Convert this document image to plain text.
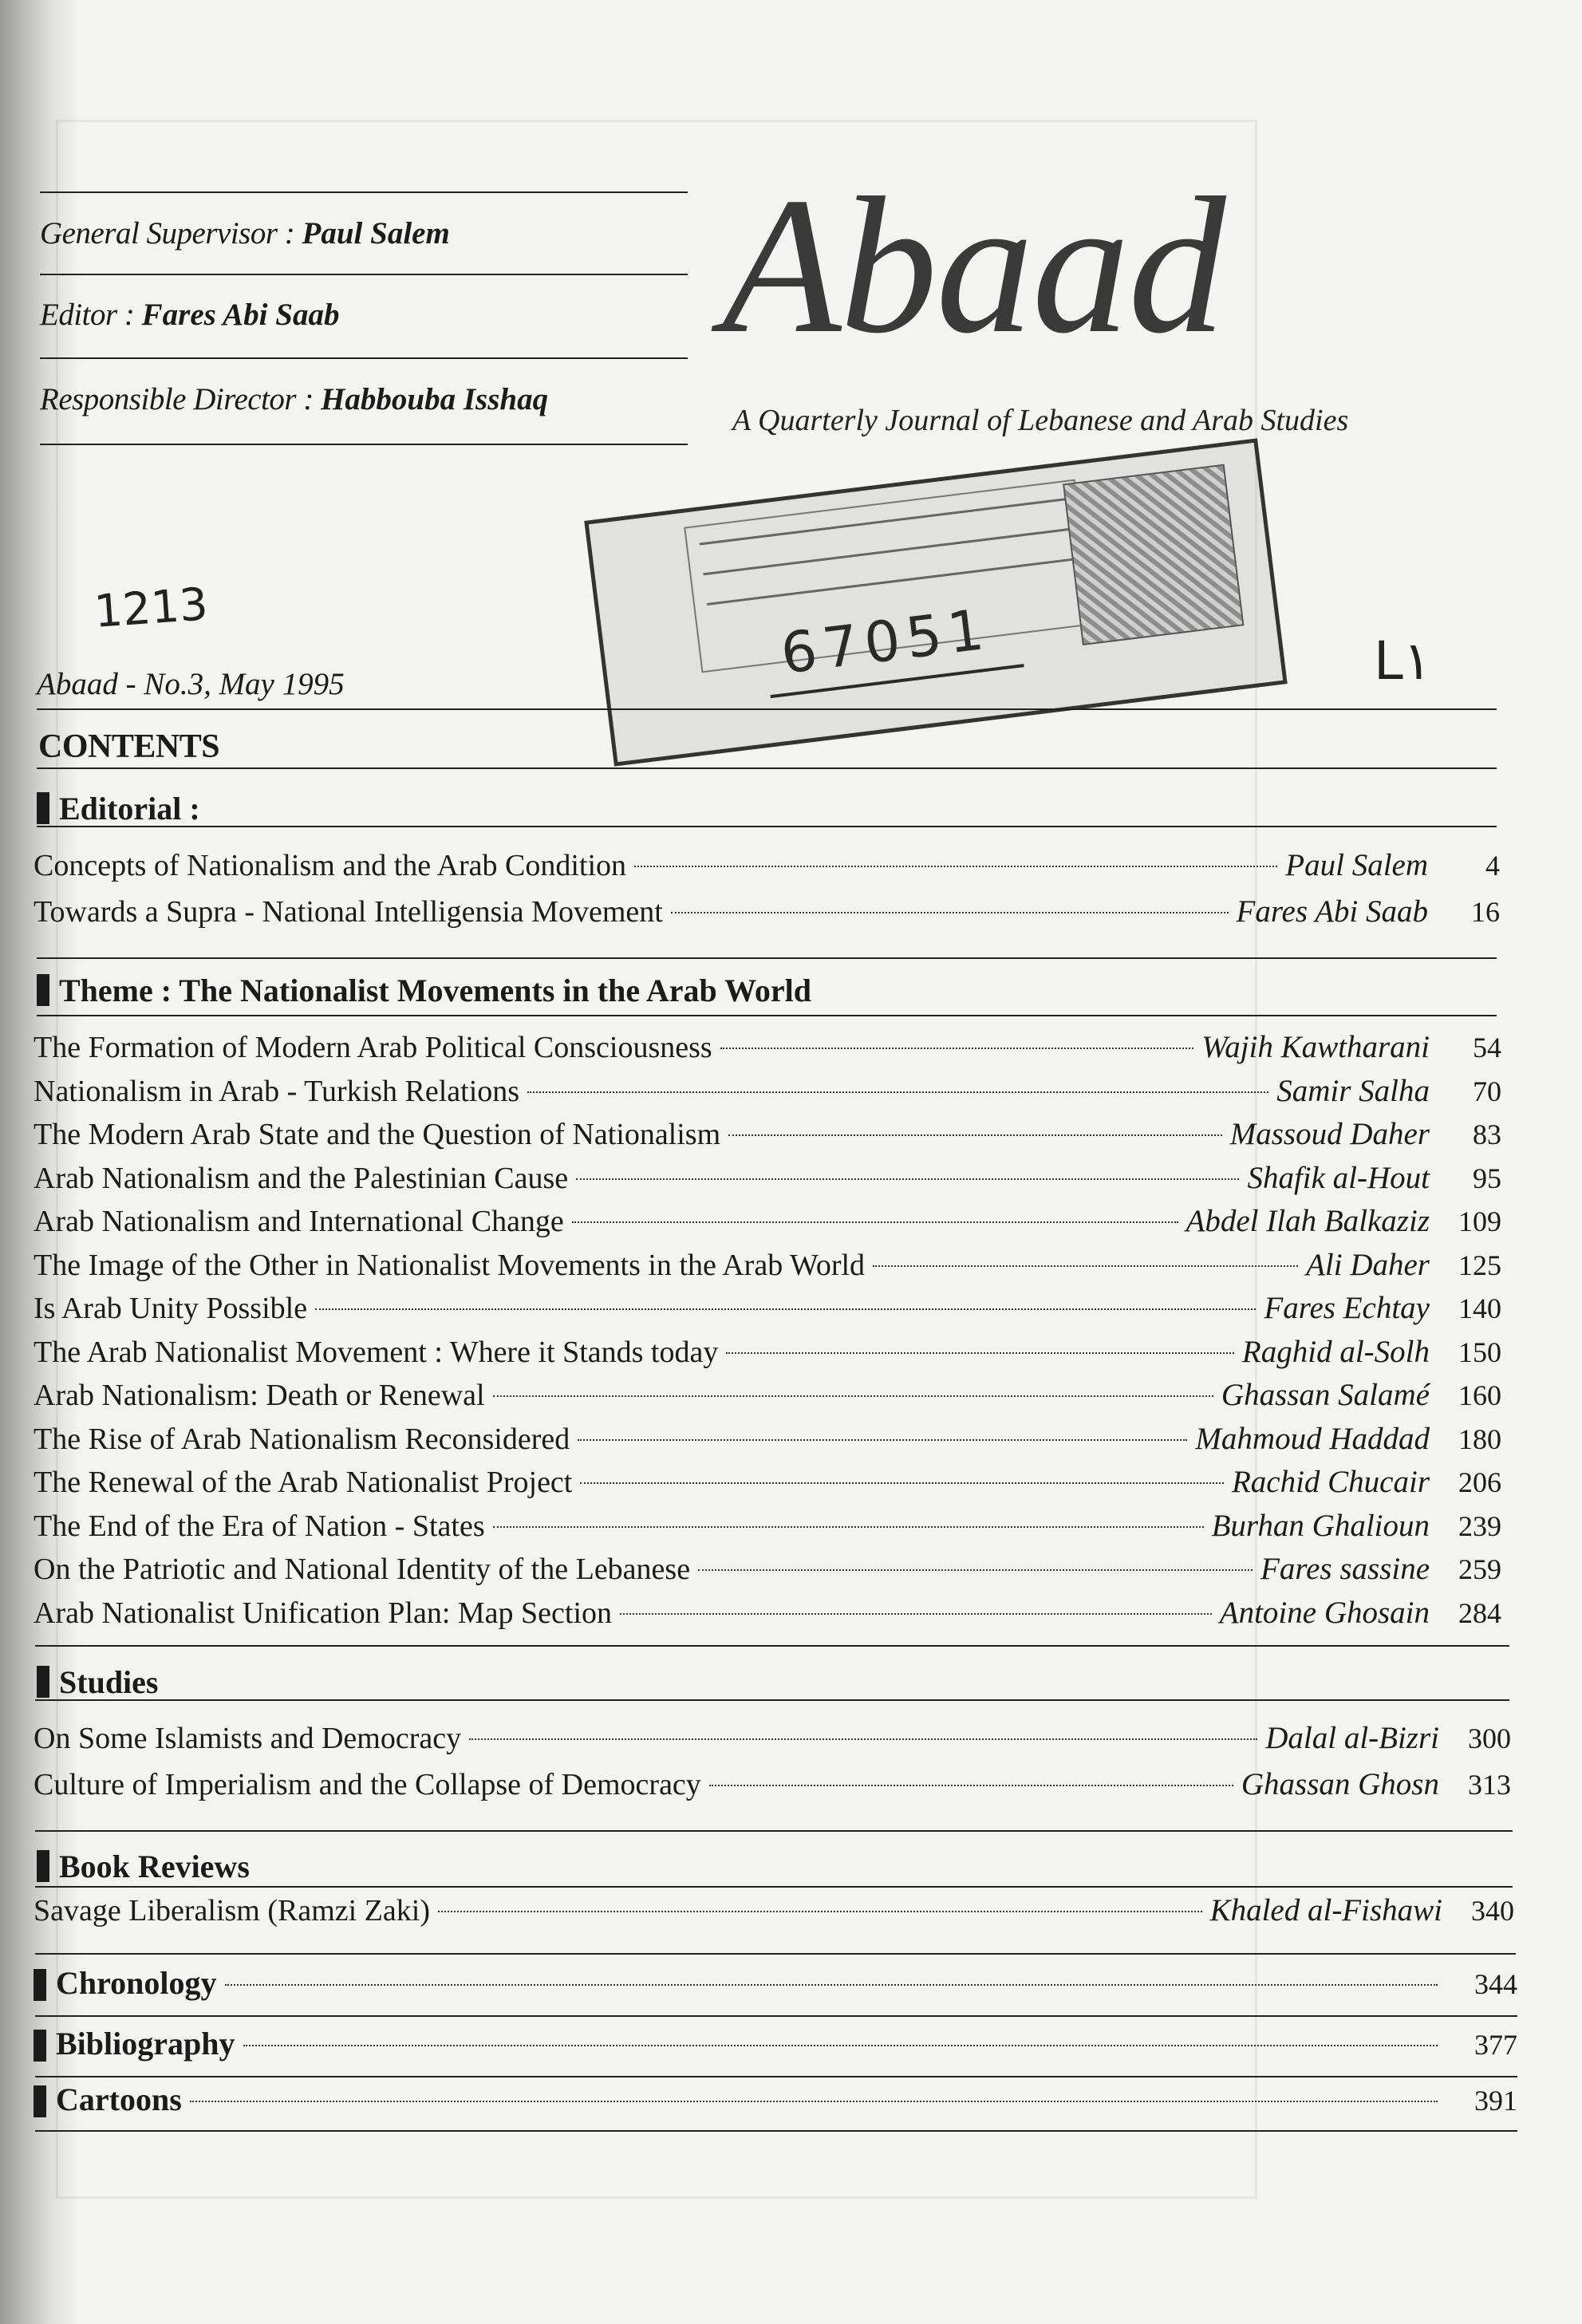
General Supervisor : Paul Salem
Editor : Fares Abi Saab
Responsible Director : Habbouba Isshaq
Abaad
A Quarterly Journal of Lebanese and Arab Studies
67051
1213
L١
Abaad - No.3, May 1995
CONTENTS
Editorial :
Concepts of Nationalism and the Arab Condition	Paul Salem	4
Towards a Supra - National Intelligensia Movement	Fares Abi Saab	16
Theme : The Nationalist Movements in the Arab World
The Formation of Modern Arab Political Consciousness	Wajih Kawtharani	54
Nationalism in Arab - Turkish Relations	Samir Salha	70
The Modern Arab State and the Question of Nationalism	Massoud Daher	83
Arab Nationalism and the Palestinian Cause	Shafik al-Hout	95
Arab Nationalism and International Change	Abdel Ilah Balkaziz	109
The Image of the Other in Nationalist Movements in the Arab World	Ali Daher	125
Is Arab Unity Possible	Fares Echtay	140
The Arab Nationalist Movement : Where it Stands today	Raghid al-Solh	150
Arab Nationalism: Death or Renewal	Ghassan Salamé	160
The Rise of Arab Nationalism Reconsidered	Mahmoud Haddad	180
The Renewal of the Arab Nationalist Project	Rachid Chucair	206
The End of the Era of Nation - States	Burhan Ghalioun	239
On the Patriotic and National Identity of the Lebanese	Fares sassine	259
Arab Nationalist Unification Plan: Map Section	Antoine Ghosain	284
Studies
On Some Islamists and Democracy	Dalal al-Bizri	300
Culture of Imperialism and the Collapse of Democracy	Ghassan Ghosn	313
Book Reviews
Savage Liberalism (Ramzi Zaki)	Khaled al-Fishawi	340
Chronology	344
Bibliography	377
Cartoons	391
